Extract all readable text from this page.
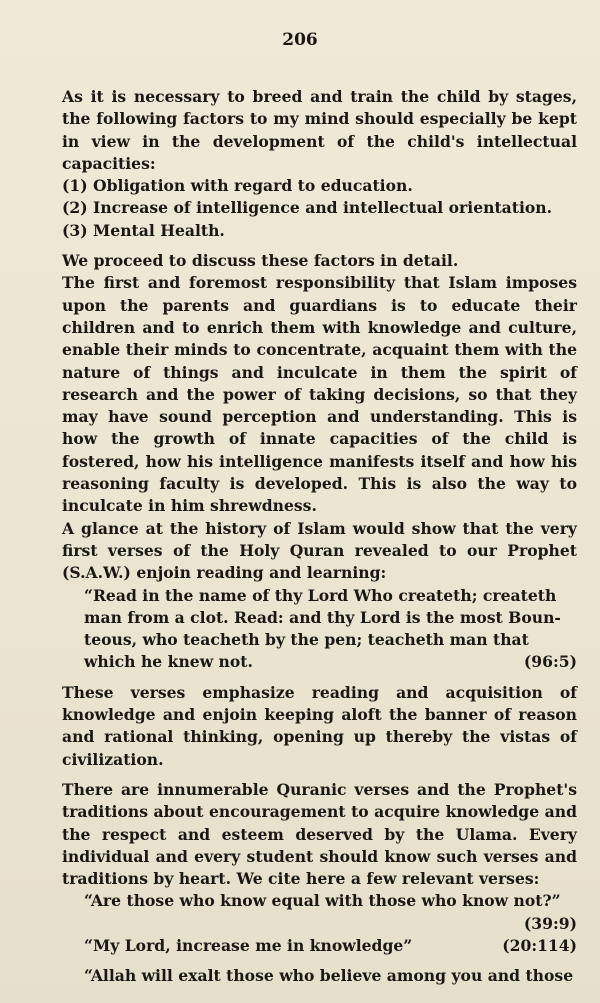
206

As it is necessary to breed and train the child by stages, the following factors to my mind should especially be kept in view in the development of the child's intellectual capacities:

(1) Obligation with regard to education.
(2) Increase of intelligence and intellectual orientation.
(3) Mental Health.

We proceed to discuss these factors in detail.

The first and foremost responsibility that Islam imposes upon the parents and guardians is to educate their children and to enrich them with knowledge and culture, enable their minds to concentrate, acquaint them with the nature of things and inculcate in them the spirit of research and the power of taking decisions, so that they may have sound perception and understanding. This is how the growth of innate capacities of the child is fostered, how his intelligence manifests itself and how his reasoning faculty is developed. This is also the way to inculcate in him shrewdness.

A glance at the history of Islam would show that the very first verses of the Holy Quran revealed to our Prophet (S.A.W.) enjoin reading and learning:

“Read in the name of thy Lord Who createth; createth
man from a clot. Read: and thy Lord is the most Boun-
teous, who teacheth by the pen; teacheth man that
which he knew not.	(96:5)

These verses emphasize reading and acquisition of knowledge and enjoin keeping aloft the banner of reason and rational thinking, opening up thereby the vistas of civilization.

There are innumerable Quranic verses and the Prophet's traditions about encouragement to acquire knowledge and the respect and esteem deserved by the Ulama. Every individual and every student should know such verses and traditions by heart. We cite here a few relevant verses:

“Are those who know equal with those who know not?”
(39:9)
“My Lord, increase me in knowledge”	(20:114)
“Allah will exalt those who believe among you and those
